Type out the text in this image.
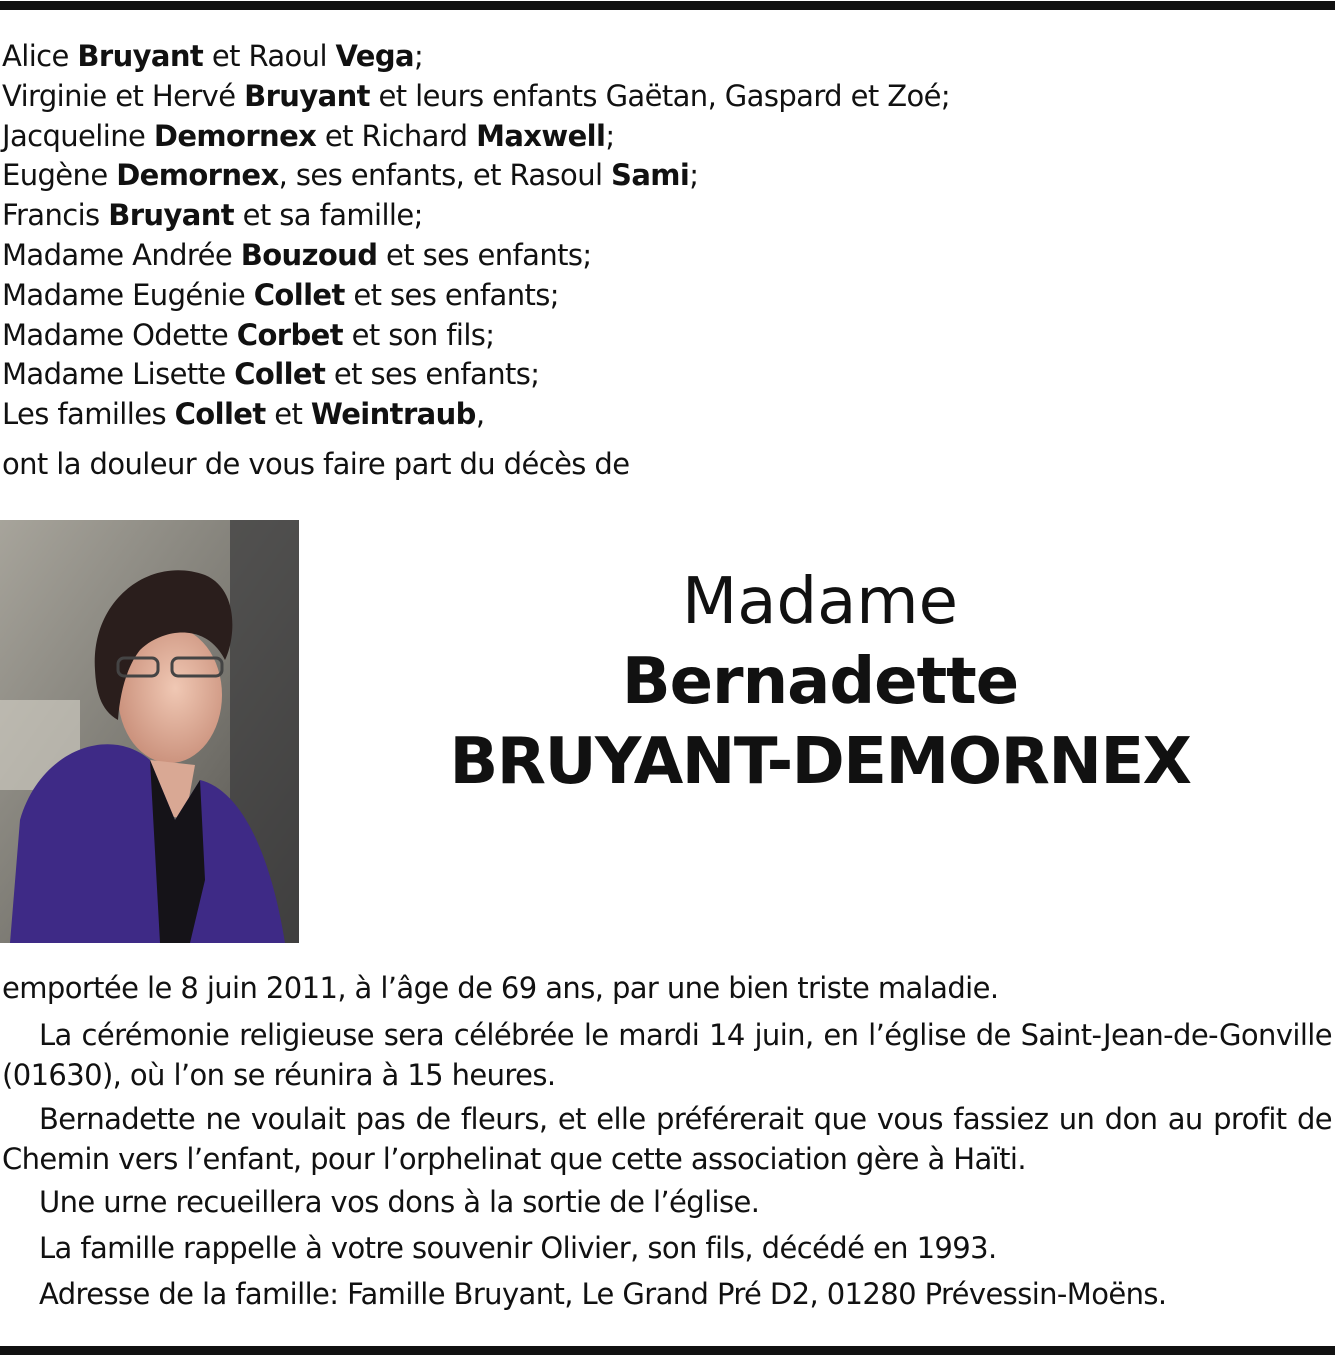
Alice Bruyant et Raoul Vega;
Virginie et Hervé Bruyant et leurs enfants Gaëtan, Gaspard et Zoé;
Jacqueline Demornex et Richard Maxwell;
Eugène Demornex, ses enfants, et Rasoul Sami;
Francis Bruyant et sa famille;
Madame Andrée Bouzoud et ses enfants;
Madame Eugénie Collet et ses enfants;
Madame Odette Corbet et son fils;
Madame Lisette Collet et ses enfants;
Les familles Collet et Weintraub,
ont la douleur de vous faire part du décès de
Madame
Bernadette
BRUYANT-DEMORNEX

emportée le 8 juin 2011, à l’âge de 69 ans, par une bien triste maladie.

La cérémonie religieuse sera célébrée le mardi 14 juin, en l’église de Saint-Jean-de-Gonville (01630), où l’on se réunira à 15 heures.

Bernadette ne voulait pas de fleurs, et elle préférerait que vous fassiez un don au profit de Chemin vers l’enfant, pour l’orphelinat que cette association gère à Haïti.

Une urne recueillera vos dons à la sortie de l’église.

La famille rappelle à votre souvenir Olivier, son fils, décédé en 1993.

Adresse de la famille: Famille Bruyant, Le Grand Pré D2, 01280 Prévessin-Moëns.
